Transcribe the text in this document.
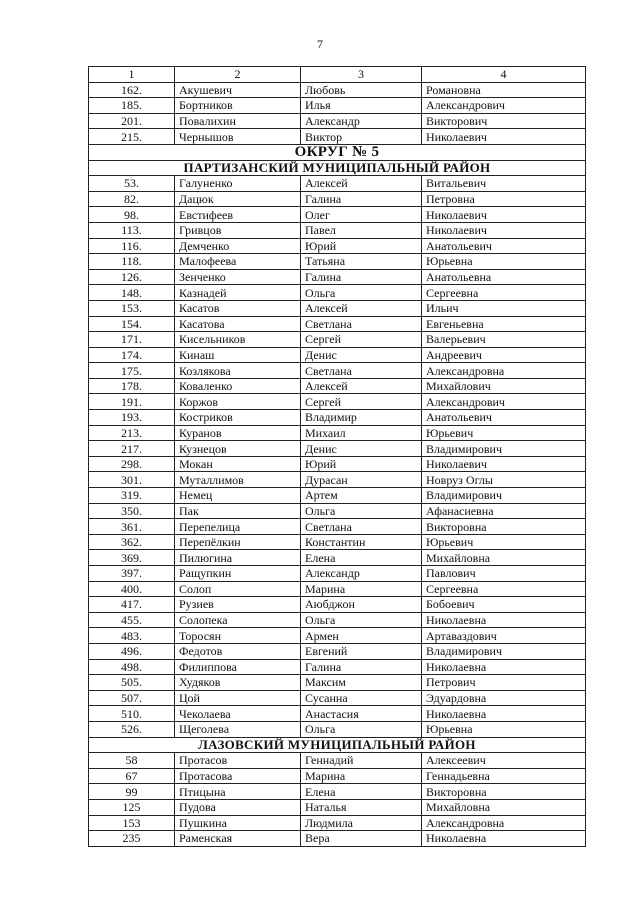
7
1	2	3	4
162.	Акушевич	Любовь	Романовна
185.	Бортников	Илья	Александрович
201.	Повалихин	Александр	Викторович
215.	Чернышов	Виктор	Николаевич
ОКРУГ № 5			
ПАРТИЗАНСКИЙ МУНИЦИПАЛЬНЫЙ РАЙОН			
53.	Галуненко	Алексей	Витальевич
82.	Дацюк	Галина	Петровна
98.	Евстифеев	Олег	Николаевич
113.	Гривцов	Павел	Николаевич
116.	Демченко	Юрий	Анатольевич
118.	Малофеева	Татьяна	Юрьевна
126.	Зенченко	Галина	Анатольевна
148.	Казнадей	Ольга	Сергеевна
153.	Касатов	Алексей	Ильич
154.	Касатова	Светлана	Евгеньевна
171.	Кисельников	Сергей	Валерьевич
174.	Кинаш	Денис	Андреевич
175.	Козлякова	Светлана	Александровна
178.	Коваленко	Алексей	Михайлович
191.	Коржов	Сергей	Александрович
193.	Костриков	Владимир	Анатольевич
213.	Куранов	Михаил	Юрьевич
217.	Кузнецов	Денис	Владимирович
298.	Мокан	Юрий	Николаевич
301.	Муталлимов	Дурасан	Новруз Оглы
319.	Немец	Артем	Владимирович
350.	Пак	Ольга	Афанасиевна
361.	Перепелица	Светлана	Викторовна
362.	Перепёлкин	Константин	Юрьевич
369.	Пилюгина	Елена	Михайловна
397.	Ращупкин	Александр	Павлович
400.	Солоп	Марина	Сергеевна
417.	Рузиев	Аюбджон	Бобоевич
455.	Солопека	Ольга	Николаевна
483.	Торосян	Армен	Артаваздович
496.	Федотов	Евгений	Владимирович
498.	Филиппова	Галина	Николаевна
505.	Худяков	Максим	Петрович
507.	Цой	Сусанна	Эдуардовна
510.	Чеколаева	Анастасия	Николаевна
526.	Щеголева	Ольга	Юрьевна
ЛАЗОВСКИЙ МУНИЦИПАЛЬНЫЙ РАЙОН			
58	Протасов	Геннадий	Алексеевич
67	Протасова	Марина	Геннадьевна
99	Птицына	Елена	Викторовна
125	Пудова	Наталья	Михайловна
153	Пушкина	Людмила	Александровна
235	Раменская	Вера	Николаевна
